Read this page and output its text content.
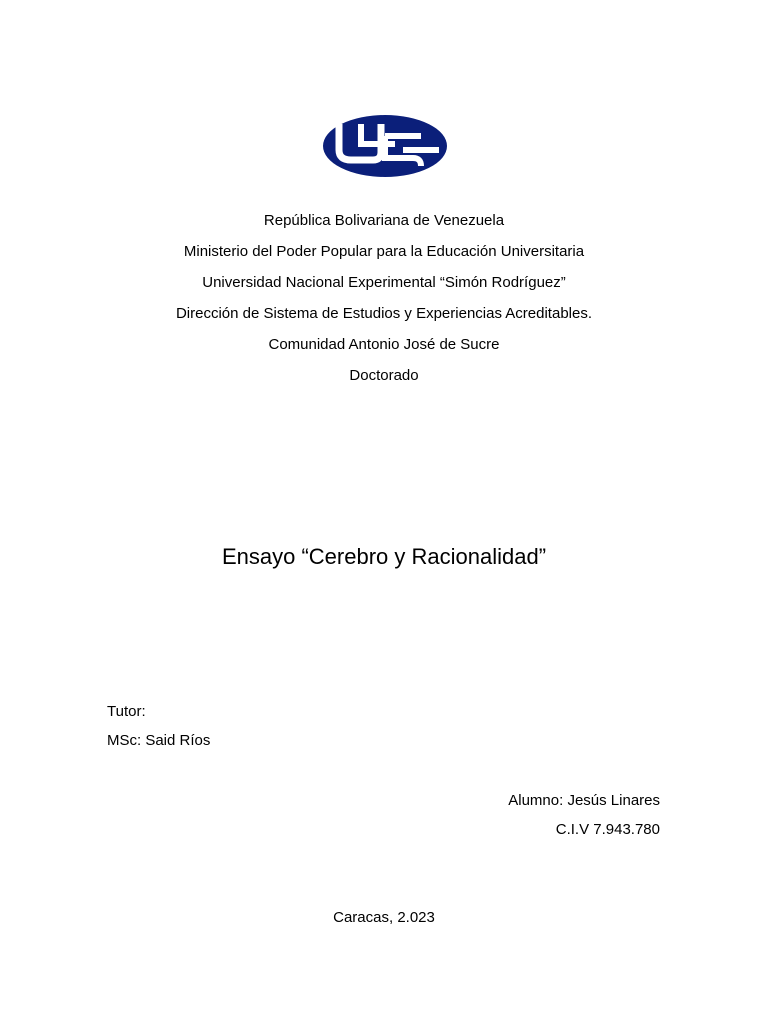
República Bolivariana de Venezuela
Ministerio del Poder Popular para la Educación Universitaria
Universidad Nacional Experimental “Simón Rodríguez”
Dirección de Sistema de Estudios y Experiencias Acreditables.
Comunidad Antonio José de Sucre
Doctorado
Ensayo “Cerebro y Racionalidad”
Tutor:
MSc: Said Ríos
Alumno: Jesús Linares
C.I.V 7.943.780
Caracas, 2.023
